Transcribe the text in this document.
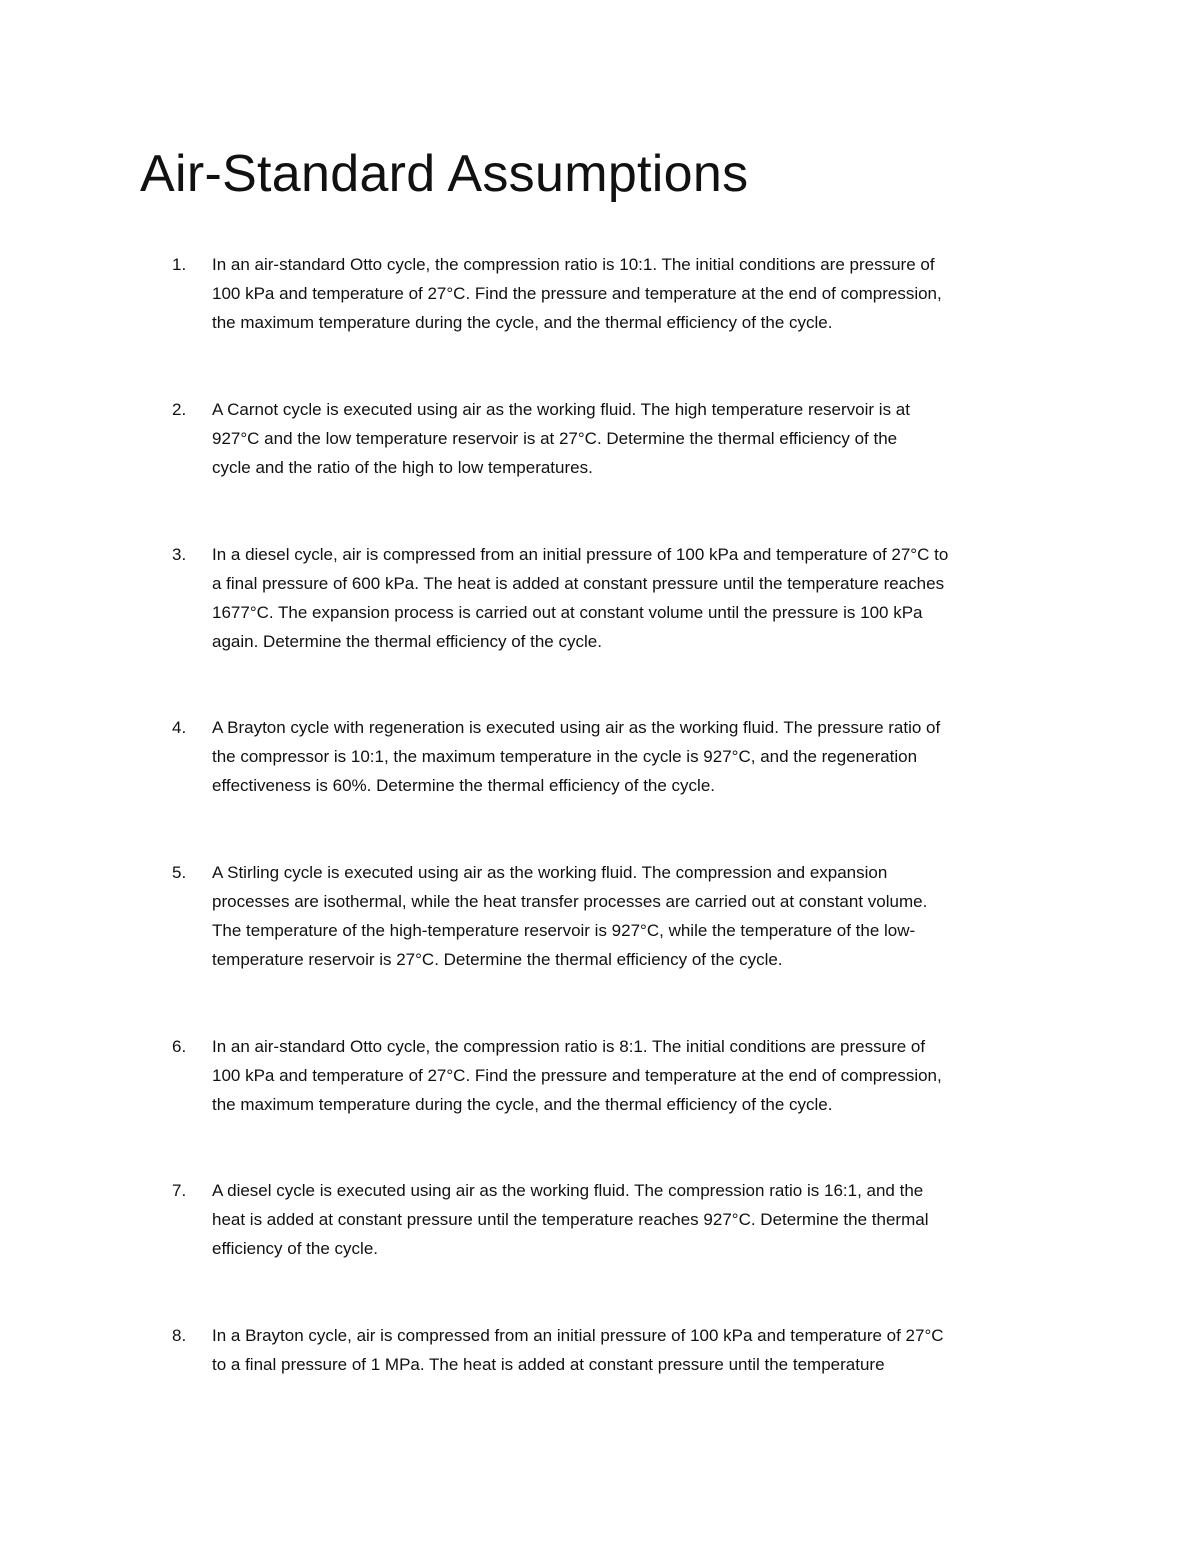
Air-Standard Assumptions
1. In an air-standard Otto cycle, the compression ratio is 10:1. The initial conditions are pressure of
100 kPa and temperature of 27°C. Find the pressure and temperature at the end of compression,
the maximum temperature during the cycle, and the thermal efficiency of the cycle.

2. A Carnot cycle is executed using air as the working fluid. The high temperature reservoir is at
927°C and the low temperature reservoir is at 27°C. Determine the thermal efficiency of the
cycle and the ratio of the high to low temperatures.

3. In a diesel cycle, air is compressed from an initial pressure of 100 kPa and temperature of 27°C to
a final pressure of 600 kPa. The heat is added at constant pressure until the temperature reaches
1677°C. The expansion process is carried out at constant volume until the pressure is 100 kPa
again. Determine the thermal efficiency of the cycle.

4. A Brayton cycle with regeneration is executed using air as the working fluid. The pressure ratio of
the compressor is 10:1, the maximum temperature in the cycle is 927°C, and the regeneration
effectiveness is 60%. Determine the thermal efficiency of the cycle.

5. A Stirling cycle is executed using air as the working fluid. The compression and expansion
processes are isothermal, while the heat transfer processes are carried out at constant volume.
The temperature of the high-temperature reservoir is 927°C, while the temperature of the low-
temperature reservoir is 27°C. Determine the thermal efficiency of the cycle.

6. In an air-standard Otto cycle, the compression ratio is 8:1. The initial conditions are pressure of
100 kPa and temperature of 27°C. Find the pressure and temperature at the end of compression,
the maximum temperature during the cycle, and the thermal efficiency of the cycle.

7. A diesel cycle is executed using air as the working fluid. The compression ratio is 16:1, and the
heat is added at constant pressure until the temperature reaches 927°C. Determine the thermal
efficiency of the cycle.

8. In a Brayton cycle, air is compressed from an initial pressure of 100 kPa and temperature of 27°C
to a final pressure of 1 MPa. The heat is added at constant pressure until the temperature
